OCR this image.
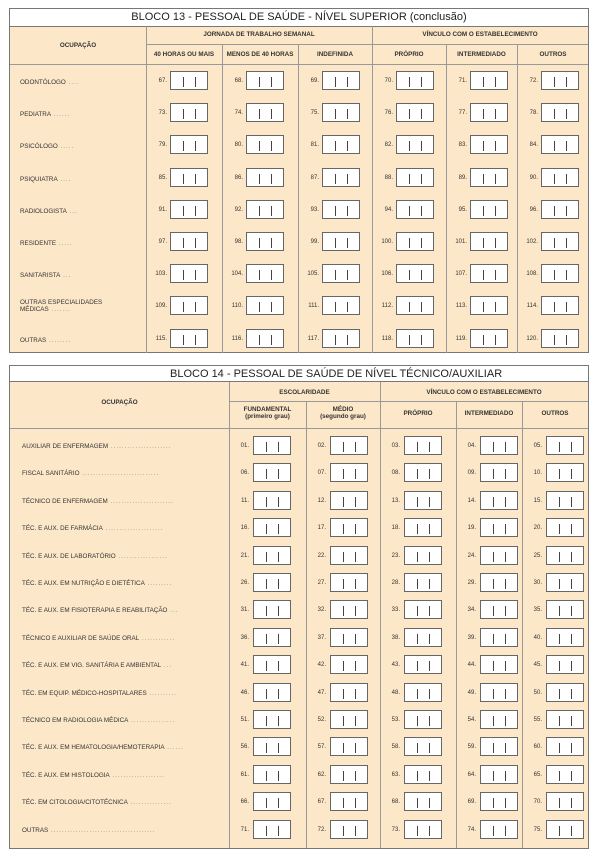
BLOCO 13 - PESSOAL DE SAÚDE - NÍVEL SUPERIOR (conclusão)
OCUPAÇÃO
JORNADA DE TRABALHO SEMANAL	VÍNCULO COM O ESTABELECIMENTO
40 HORAS OU MAIS	MENOS DE 40 HORAS	INDEFINIDA	PRÓPRIO	INTERMEDIADO	OUTROS
ODONTÓLOGO ....	67.	68.	69.	70.	71.	72.
PEDIATRA ......	73.	74.	75.	76.	77.	78.
PSICÓLOGO .....	79.	80.	81.	82.	83.	84.
PSIQUIATRA ....	85.	86.	87.	88.	89.	90.
RADIOLOGISTA ...	91.	92.	93.	94.	95.	96.
RESIDENTE .....	97.	98.	99.	100.	101.	102.
SANITARISTA ...	103.	104.	105.	106.	107.	108.
OUTRAS ESPECIALIDADES
MÉDICAS .......	109.	110.	111.	112.	113.	114.
OUTRAS ........	115.	116.	117.	118.	119.	120.
BLOCO 14 - PESSOAL DE SAÚDE DE NÍVEL TÉCNICO/AUXILIAR
OCUPAÇÃO
ESCOLARIDADE	VÍNCULO COM O ESTABELECIMENTO
FUNDAMENTAL
(primeiro grau)
MÉDIO
(segundo grau)	PRÓPRIO	INTERMEDIADO	OUTROS
AUXILIAR DE ENFERMAGEM ......................	01.	02.	03.	04.	05.
FISCAL SANITÁRIO ............................	06.	07.	08.	09.	10.
TÉCNICO DE ENFERMAGEM .......................	11.	12.	13.	14.	15.
TÉC. E AUX. DE FARMÁCIA .....................	16.	17.	18.	19.	20.
TÉC. E AUX. DE LABORATÓRIO ..................	21.	22.	23.	24.	25.
TÉC. E AUX. EM NUTRIÇÃO E DIETÉTICA .........	26.	27.	28.	29.	30.
TÉC. E AUX. EM FISIOTERAPIA E REABILITAÇÃO ...	31.	32.	33.	34.	35.
TÉCNICO E AUXILIAR DE SAÚDE ORAL ............	36.	37.	38.	39.	40.
TÉC. E AUX. EM VIG. SANITÁRIA E AMBIENTAL ...	41.	42.	43.	44.	45.
TÉC. EM EQUIP. MÉDICO-HOSPITALARES ..........	46.	47.	48.	49.	50.
TÉCNICO EM RADIOLOGIA MÉDICA ................	51.	52.	53.	54.	55.
TÉC. E AUX. EM HEMATOLOGIA/HEMOTERAPIA ......	56.	57.	58.	59.	60.
TÉC. E AUX. EM HISTOLOGIA ...................	61.	62.	63.	64.	65.
TÉC. EM CITOLOGIA/CITOTÉCNICA ...............	66.	67.	68.	69.	70.
OUTRAS ......................................	71.	72.	73.	74.	75.
